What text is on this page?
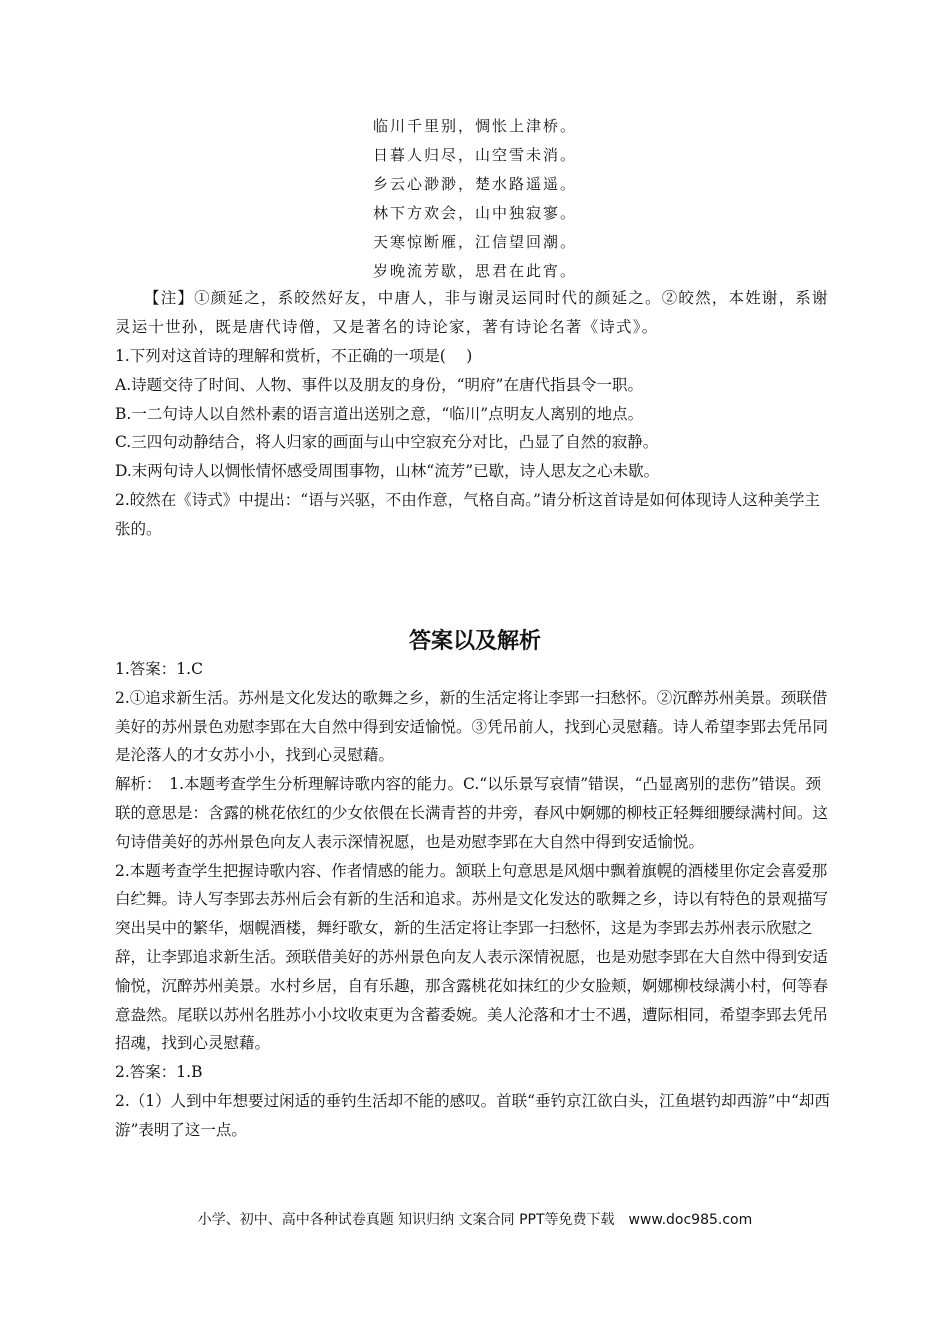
临川千里别，惆怅上津桥。
日暮人归尽，山空雪未消。
乡云心渺渺，楚水路遥遥。
林下方欢会，山中独寂寥。
天寒惊断雁，江信望回潮。
岁晚流芳歇，思君在此宵。
【注】①颜延之，系皎然好友，中唐人，非与谢灵运同时代的颜延之。②皎然，本姓谢，系谢灵运十世孙，既是唐代诗僧，又是著名的诗论家，著有诗论名著《诗式》。

1.下列对这首诗的理解和赏析，不正确的一项是(　 )

A.诗题交待了时间、人物、事件以及朋友的身份，“明府”在唐代指县令一职。

B.一二句诗人以自然朴素的语言道出送别之意，“临川”点明友人离别的地点。

C.三四句动静结合，将人归家的画面与山中空寂充分对比，凸显了自然的寂静。

D.末两句诗人以惆怅情怀感受周围事物，山林“流芳”已歇，诗人思友之心未歇。

2.皎然在《诗式》中提出：“语与兴驱，不由作意，气格自高。”请分析这首诗是如何体现诗人这种美学主张的。

答案以及解析

1.答案：1.C

2.①追求新生活。苏州是文化发达的歌舞之乡，新的生活定将让李郢一扫愁怀。②沉醉苏州美景。颈联借美好的苏州景色劝慰李郢在大自然中得到安适愉悦。③凭吊前人，找到心灵慰藉。诗人希望李郢去凭吊同是沦落人的才女苏小小，找到心灵慰藉。

解析：　1.本题考查学生分析理解诗歌内容的能力。C.“以乐景写哀情”错误，“凸显离别的悲伤”错误。颈联的意思是：含露的桃花依红的少女依偎在长满青苔的井旁，春风中婀娜的柳枝正轻舞细腰绿满村间。这句诗借美好的苏州景色向友人表示深情祝愿，也是劝慰李郢在大自然中得到安适愉悦。

2.本题考查学生把握诗歌内容、作者情感的能力。颔联上句意思是风烟中飘着旗幌的酒楼里你定会喜爱那白纻舞。诗人写李郢去苏州后会有新的生活和追求。苏州是文化发达的歌舞之乡，诗以有特色的景观描写突出吴中的繁华，烟幌酒楼，舞纡歌女，新的生活定将让李郢一扫愁怀，这是为李郢去苏州表示欣慰之辞，让李郢追求新生活。颈联借美好的苏州景色向友人表示深情祝愿，也是劝慰李郢在大自然中得到安适愉悦，沉醉苏州美景。水村乡居，自有乐趣，那含露桃花如抹红的少女脸颊，婀娜柳枝绿满小村，何等春意盎然。尾联以苏州名胜苏小小坟收束更为含蓄委婉。美人沦落和才士不遇，遭际相同，希望李郢去凭吊招魂，找到心灵慰藉。

2.答案：1.B

2.（1）人到中年想要过闲适的垂钓生活却不能的感叹。首联“垂钓京江欲白头，江鱼堪钓却西游”中“却西游”表明了这一点。

小学、初中、高中各种试卷真题 知识归纳 文案合同 PPT等免费下载　www.doc985.com
